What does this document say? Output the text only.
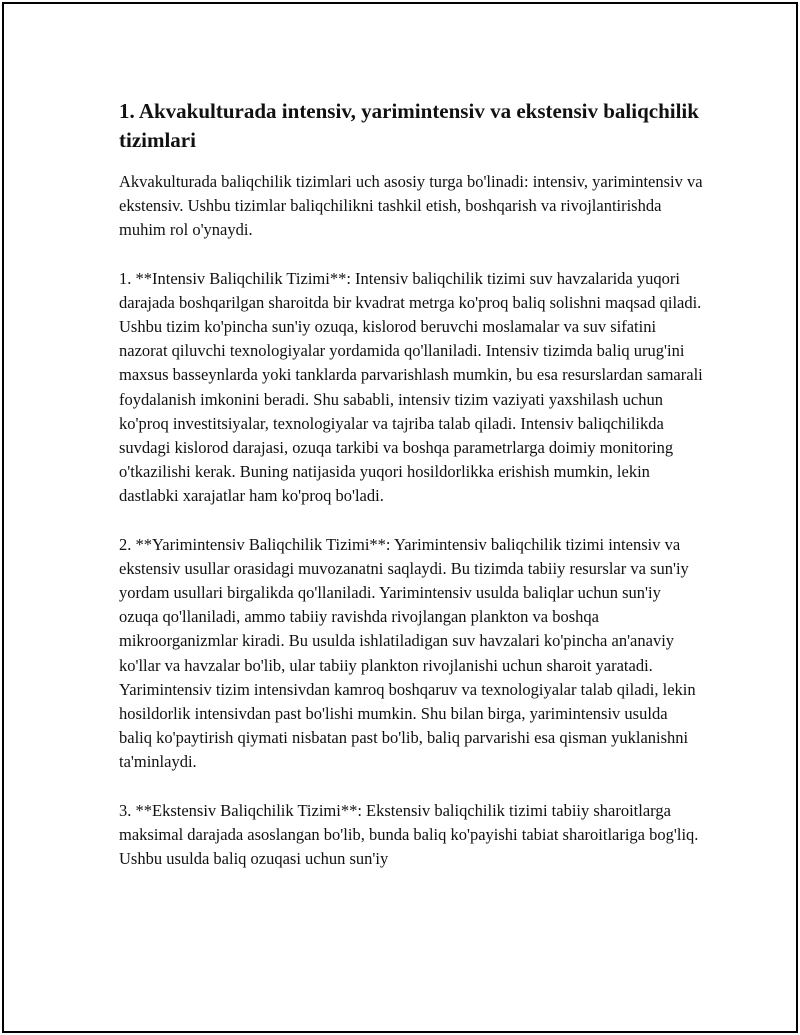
1. Akvakulturada intensiv, yarimintensiv va ekstensiv baliqchilik tizimlari

Akvakulturada baliqchilik tizimlari uch asosiy turga bo'linadi: intensiv, yarimintensiv va ekstensiv. Ushbu tizimlar baliqchilikni tashkil etish, boshqarish va rivojlantirishda muhim rol o'ynaydi.

1. **Intensiv Baliqchilik Tizimi**: Intensiv baliqchilik tizimi suv havzalarida yuqori darajada boshqarilgan sharoitda bir kvadrat metrga ko'proq baliq solishni maqsad qiladi. Ushbu tizim ko'pincha sun'iy ozuqa, kislorod beruvchi moslamalar va suv sifatini nazorat qiluvchi texnologiyalar yordamida qo'llaniladi. Intensiv tizimda baliq urug'ini maxsus basseynlarda yoki tanklarda parvarishlash mumkin, bu esa resurslardan samarali foydalanish imkonini beradi. Shu sababli, intensiv tizim vaziyati yaxshilash uchun ko'proq investitsiyalar, texnologiyalar va tajriba talab qiladi. Intensiv baliqchilikda suvdagi kislorod darajasi, ozuqa tarkibi va boshqa parametrlarga doimiy monitoring o'tkazilishi kerak. Buning natijasida yuqori hosildorlikka erishish mumkin, lekin dastlabki xarajatlar ham ko'proq bo'ladi.

2. **Yarimintensiv Baliqchilik Tizimi**: Yarimintensiv baliqchilik tizimi intensiv va ekstensiv usullar orasidagi muvozanatni saqlaydi. Bu tizimda tabiiy resurslar va sun'iy yordam usullari birgalikda qo'llaniladi. Yarimintensiv usulda baliqlar uchun sun'iy ozuqa qo'llaniladi, ammo tabiiy ravishda rivojlangan plankton va boshqa mikroorganizmlar kiradi. Bu usulda ishlatiladigan suv havzalari ko'pincha an'anaviy ko'llar va havzalar bo'lib, ular tabiiy plankton rivojlanishi uchun sharoit yaratadi. Yarimintensiv tizim intensivdan kamroq boshqaruv va texnologiyalar talab qiladi, lekin hosildorlik intensivdan past bo'lishi mumkin. Shu bilan birga, yarimintensiv usulda baliq ko'paytirish qiymati nisbatan past bo'lib, baliq parvarishi esa qisman yuklanishni ta'minlaydi.

3. **Ekstensiv Baliqchilik Tizimi**: Ekstensiv baliqchilik tizimi tabiiy sharoitlarga maksimal darajada asoslangan bo'lib, bunda baliq ko'payishi tabiat sharoitlariga bog'liq. Ushbu usulda baliq ozuqasi uchun sun'iy
